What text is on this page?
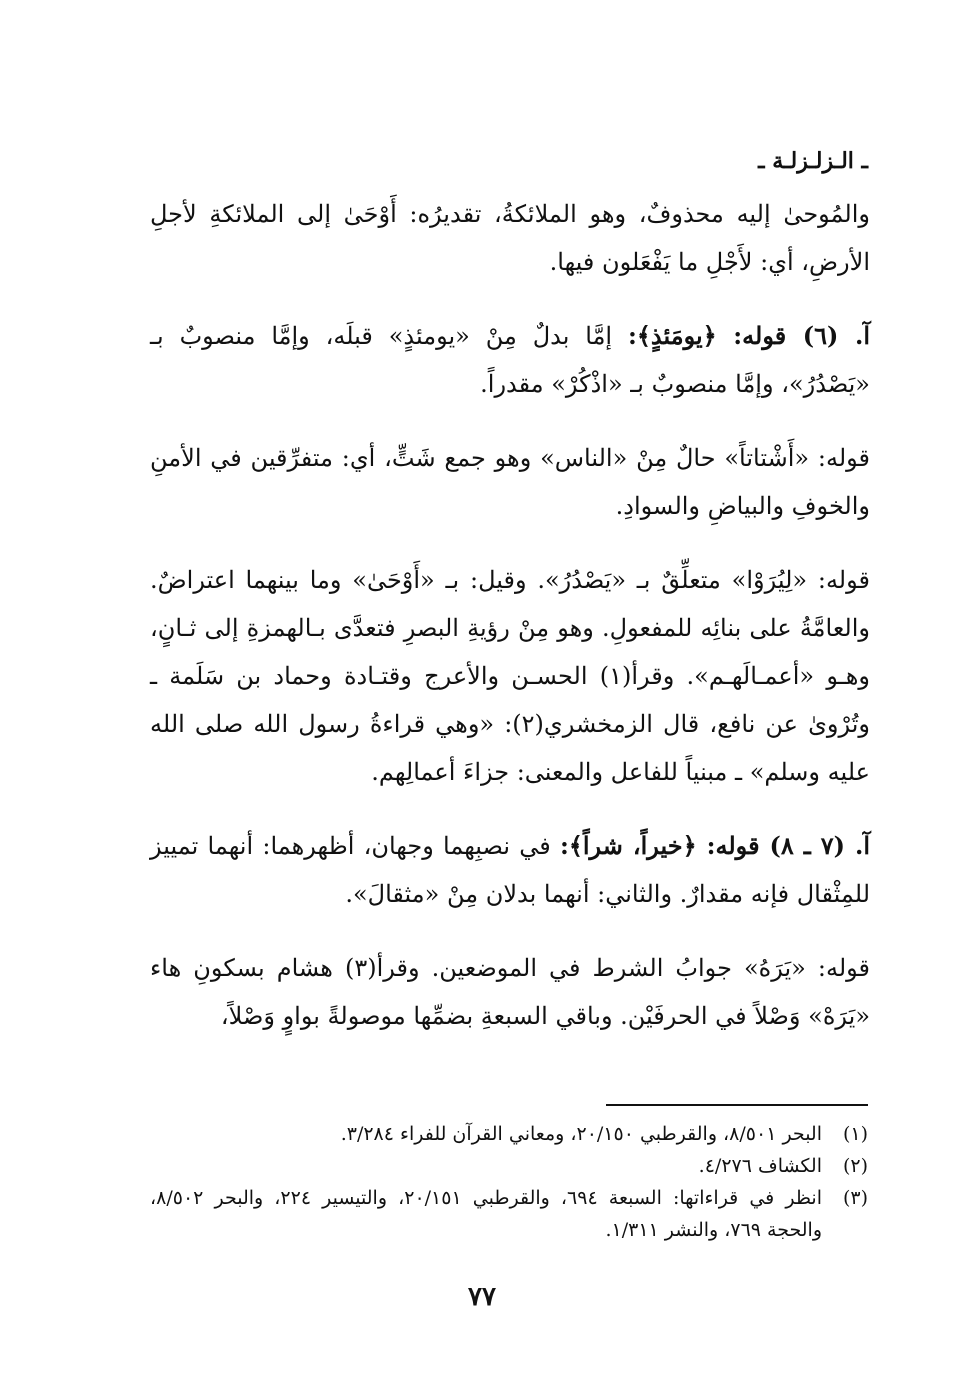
ـ الـزلـزلـة ـ

والمُوحىٰ إليه محذوفٌ، وهو الملائكةُ، تقديرُه: أَوْحَىٰ إلى الملائكةِ لأجلِ الأرضِ، أي: لأَجْلِ ما يَفْعَلون فيها.

آ. (٦) قوله: ﴿يومَئذٍ﴾: إمَّا بدلٌ مِنْ «يومئذٍ» قبلَه، وإمَّا منصوبٌ بـ «يَصْدُرُ»، وإمَّا منصوبٌ بـ «اذْكُرْ» مقدراً.

قوله: «أَشْتاتاً» حالٌ مِنْ «الناس» وهو جمع شَتٍّ، أي: متفرِّقين في الأمنِ والخوفِ والبياضِ والسوادِ.

قوله: «لِيُرَوْا» متعلِّقٌ بـ «يَصْدُرُ». وقيل: بـ «أَوْحَىٰ» وما بينهما اعتراضٌ. والعامَّةُ على بنائِه للمفعولِ. وهو مِنْ رؤيةِ البصرِ فتعدَّى بـالهمزةِ إلى ثـانٍ، وهـو «أعمـالَهـم». وقرأ(١) الحسـن والأعرج وقتـادة وحماد بن سَلَمة ـ وتُرْوىٰ عن نافع، قال الزمخشري(٢): «وهي قراءةُ رسول الله صلى الله عليه وسلم» ـ مبنياً للفاعل والمعنى: جزاءَ أعمالِهم.

آ. (٧ ـ ٨) قوله: ﴿خيراً، شراً﴾: في نصبِهما وجهان، أظهرهما: أنهما تمييز للمِثْقال فإنه مقدارٌ. والثاني: أنهما بدلان مِنْ «مثقالَ».

قوله: «يَرَهُ» جوابُ الشرط في الموضعين. وقرأ(٣) هشام بسكونِ هاء «يَرَهْ» وَصْلاً في الحرفَيْن. وباقي السبعةِ بضمِّها موصولةً بواوٍ وَصْلاً،

(١)
البحر ٨/٥٠١، والقرطبي ٢٠/١٥٠، ومعاني القرآن للفراء ٣/٢٨٤.
(٢)
الكشاف ٤/٢٧٦.
(٣)
انظر في قراءاتها: السبعة ٦٩٤، والقرطبي ٢٠/١٥١، والتيسير ٢٢٤، والبحر ٨/٥٠٢، والحجة ٧٦٩، والنشر ١/٣١١.
٧٧
